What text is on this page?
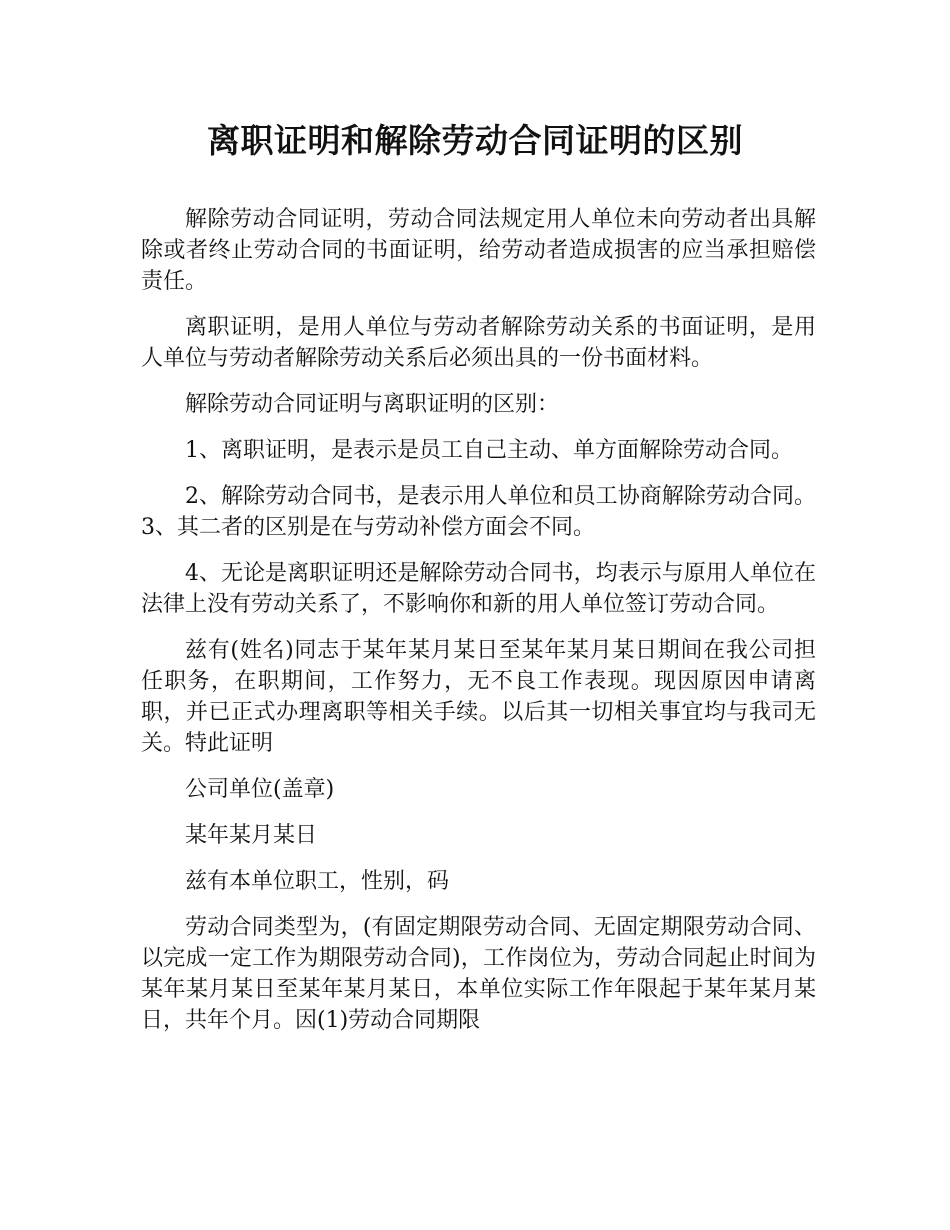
离职证明和解除劳动合同证明的区别

解除劳动合同证明，劳动合同法规定用人单位未向劳动者出具解除或者终止劳动合同的书面证明，给劳动者造成损害的应当承担赔偿责任。

离职证明，是用人单位与劳动者解除劳动关系的书面证明，是用人单位与劳动者解除劳动关系后必须出具的一份书面材料。

解除劳动合同证明与离职证明的区别：

1、离职证明，是表示是员工自己主动、单方面解除劳动合同。

2、解除劳动合同书，是表示用人单位和员工协商解除劳动合同。3、其二者的区别是在与劳动补偿方面会不同。

4、无论是离职证明还是解除劳动合同书，均表示与原用人单位在法律上没有劳动关系了，不影响你和新的用人单位签订劳动合同。

兹有(姓名)同志于某年某月某日至某年某月某日期间在我公司担任职务，在职期间，工作努力，无不良工作表现。现因原因申请离职，并已正式办理离职等相关手续。以后其一切相关事宜均与我司无关。特此证明

公司单位(盖章)

某年某月某日

兹有本单位职工，性别，码

劳动合同类型为，(有固定期限劳动合同、无固定期限劳动合同、以完成一定工作为期限劳动合同)，工作岗位为，劳动合同起止时间为某年某月某日至某年某月某日，本单位实际工作年限起于某年某月某日，共年个月。因(1)劳动合同期限
